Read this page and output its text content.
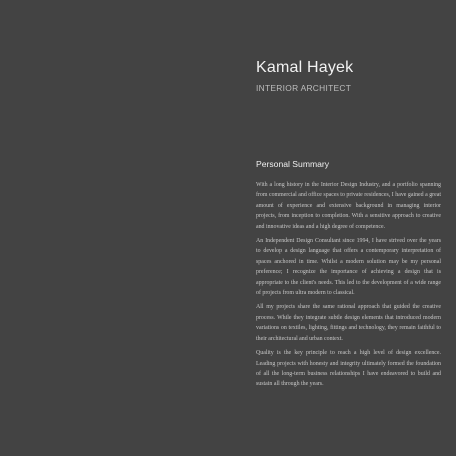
Kamal Hayek
INTERIOR ARCHITECT
Personal Summary

With a long history in the Interior Design Industry, and a portfolio spanning from commercial and office spaces to private residences, I have gained a great amount of experience and extensive background in managing interior projects, from inception to completion. With a sensitive approach to creative and innovative ideas and a high degree of competence.

An Independent Design Consultant since 1994, I have strived over the years to develop a design language that offers a contemporary interpretation of spaces anchored in time. Whilst a modern solution may be my personal preference; I recognize the importance of achieving a design that is appropriate to the client's needs. This led to the development of a wide range of projects from ultra modern to classical.

All my projects share the same rational approach that guided the creative process. While they integrate subtle design elements that introduced modern variations on textiles, lighting, fittings and technology, they remain faithful to their architectural and urban context.

Quality is the key principle to reach a high level of design excellence. Leading projects with honesty and integrity ultimately formed the foundation of all the long-term business relationships I have endeavored to build and sustain all through the years.
